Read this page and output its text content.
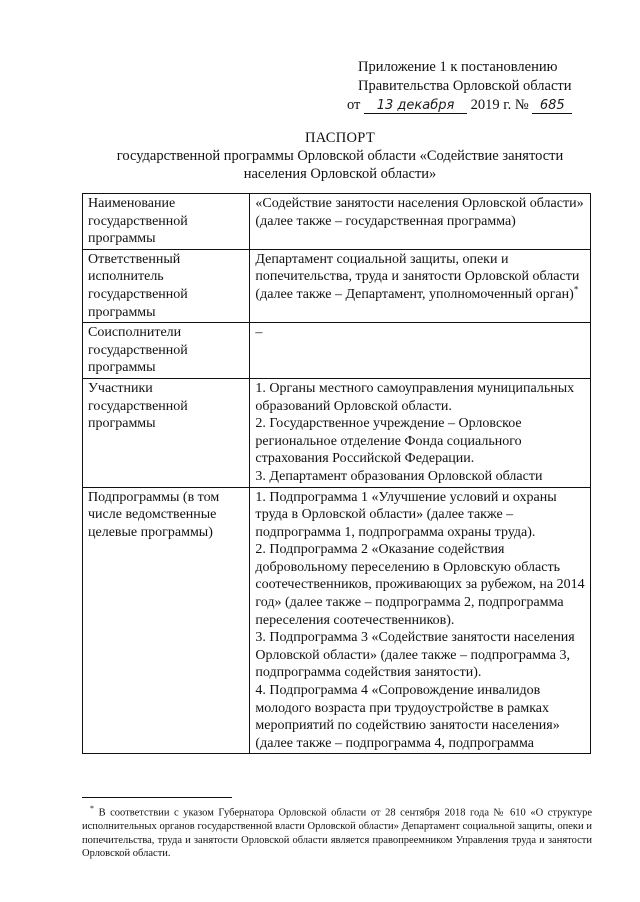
Приложение 1 к постановлению
Правительства Орловской области
от 13 декабря 2019 г. № 685
ПАСПОРТ
государственной программы Орловской области «Содействие занятости
населения Орловской области»
Наименование государственной программы	«Содействие занятости населения Орловской области» (далее также – государственная программа)

Ответственный исполнитель государственной программы	Департамент социальной защиты, опеки и попечительства, труда и занятости Орловской области (далее также – Департамент, уполномоченный орган)*
Соисполнители государственной программы	–

Участники государственной программы	1. Органы местного самоуправления муниципальных образований Орловской области.
2. Государственное учреждение – Орловское региональное отделение Фонда социального страхования Российской Федерации.
3. Департамент образования Орловской области

Подпрограммы (в том числе ведомственные целевые программы)	1. Подпрограмма 1 «Улучшение условий и охраны труда в Орловской области» (далее также – подпрограмма 1, подпрограмма охраны труда).
2. Подпрограмма 2 «Оказание содействия добровольному переселению в Орловскую область соотечественников, проживающих за рубежом, на 2014 год» (далее также – подпрограмма 2, подпрограмма переселения соотечественников).
3. Подпрограмма 3 «Содействие занятости населения Орловской области» (далее также – подпрограмма 3, подпрограмма содействия занятости).
4. Подпрограмма 4 «Сопровождение инвалидов молодого возраста при трудоустройстве в рамках мероприятий по содействию занятости населения» (далее также – подпрограмма 4, подпрограмма
* В соответствии с указом Губернатора Орловской области от 28 сентября 2018 года № 610 «О структуре исполнительных органов государственной власти Орловской области» Департамент социальной защиты, опеки и попечительства, труда и занятости Орловской области является правопреемником Управления труда и занятости Орловской области.
